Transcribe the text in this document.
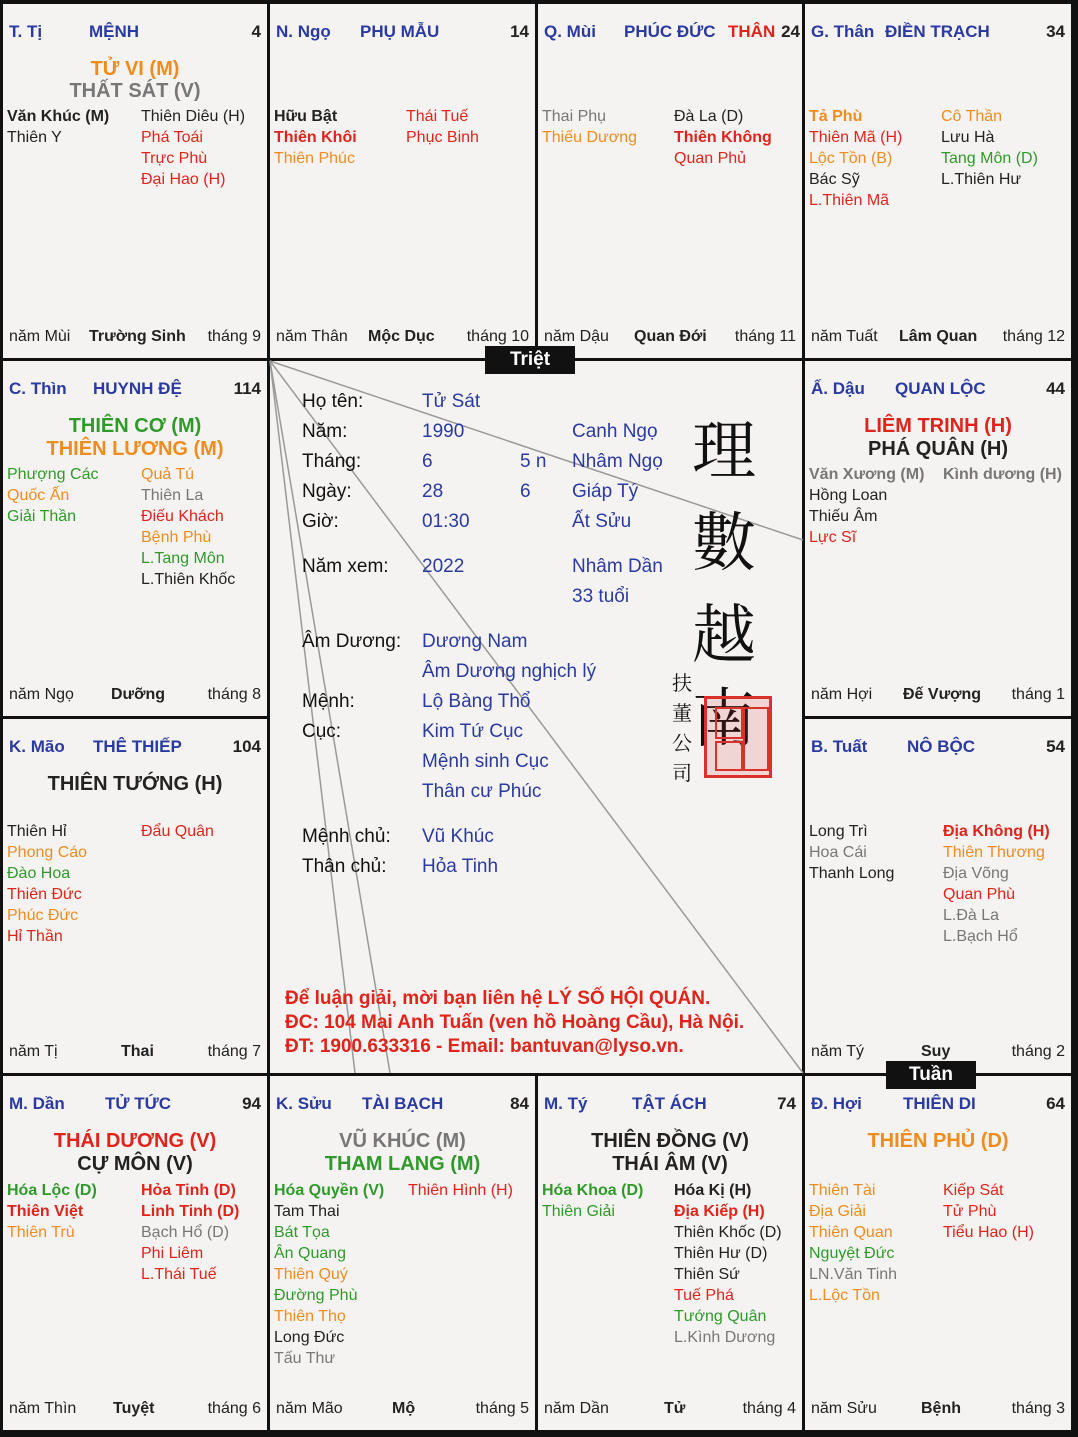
T. Tị	MỆNH	4
TỬ VI (M)
THẤT SÁT (V)
Văn Khúc (M)
Thiên Y
Thiên Diêu (H)
Phá Toái
Trực Phù
Đại Hao (H)
năm Mùi Trường Sinh tháng 9
N. Ngọ PHỤ MẪU	14
Hữu Bật
Thiên Khôi
Thiên Phúc
Thái Tuế
Phục Binh
năm Thân Mộc Dục tháng 10
Q. Mùi PHÚC ĐỨC THÂN 24
Thai Phụ
Thiếu Dương
Đà La (D)
Thiên Không
Quan Phủ
năm Dậu Quan Đới tháng 11
G. Thân ĐIỀN TRẠCH	34
Tả Phù
Thiên Mã (H)
Lộc Tồn (B)
Bác Sỹ
L.Thiên Mã
Cô Thần
Lưu Hà
Tang Môn (D)
L.Thiên Hư
năm Tuất Lâm Quan tháng 12
C. Thìn HUYNH ĐỆ	114
THIÊN CƠ (M)
THIÊN LƯƠNG (M)
Phượng Các
Quốc Ấn
Giải Thần
Quả Tú
Thiên La
Điếu Khách
Bệnh Phù
L.Tang Môn
L.Thiên Khốc
năm Ngọ Dưỡng	tháng 8
Ấ. Dậu QUAN LỘC	44
LIÊM TRINH (H)
PHÁ QUÂN (H)
Văn Xương (M)
Hồng Loan
Thiếu Âm
Lực Sĩ
Kình dương (H)
năm Hợi Đế Vượng tháng 1
K. Mão THÊ THIẾP	104
THIÊN TƯỚNG (H)
Thiên Hỉ
Phong Cáo
Đào Hoa
Thiên Đức
Phúc Đức
Hỉ Thần
Đẩu Quân
năm Tị	Thai	tháng 7
B. Tuất NÔ BỘC	54
Long Trì
Hoa Cái
Thanh Long
Địa Không (H)
Thiên Thương
Địa Võng
Quan Phù
L.Đà La
L.Bạch Hổ
năm Tý	Suy	tháng 2
M. Dần TỬ TỨC	94
THÁI DƯƠNG (V)
CỰ MÔN (V)
Hóa Lộc (D)
Thiên Việt
Thiên Trù
Hỏa Tinh (D)
Linh Tinh (D)
Bạch Hổ (D)
Phi Liêm
L.Thái Tuế
năm Thìn Tuyệt	tháng 6
K. Sửu TÀI BẠCH	84
VŨ KHÚC (M)
THAM LANG (M)
Hóa Quyền (V)
Tam Thai
Bát Tọa
Ân Quang
Thiên Quý
Đường Phù
Thiên Thọ
Long Đức
Tấu Thư
Thiên Hình (H)
năm Mão	Mộ	tháng 5
M. Tý	TẬT ÁCH	74
THIÊN ĐỒNG (V)
THÁI ÂM (V)
Hóa Khoa (D)
Thiên Giải
Hóa Kị (H)
Địa Kiếp (H)
Thiên Khốc (D)
Thiên Hư (D)
Thiên Sứ
Tuế Phá
Tướng Quân
L.Kình Dương
năm Dần	Tử	tháng 4
Đ. Hợi THIÊN DI	64
THIÊN PHỦ (D)
Thiên Tài
Địa Giải
Thiên Quan
Nguyệt Đức
LN.Văn Tinh
L.Lộc Tồn
Kiếp Sát
Tử Phù
Tiểu Hao (H)
năm Sửu	Bệnh	tháng 3
Họ tên:	Tử Sát
Năm:	1990	Canh Ngọ
Tháng:	6	5 n Nhâm Ngọ
Ngày:	28	6 Giáp Tý
Giờ:	01:30	Ất Sửu
Năm xem: 2022	Nhâm Dần
33 tuổi
Âm Dương: Dương Nam
Âm Dương nghịch lý
Mệnh:	Lộ Bàng Thổ
Cục:	Kim Tứ Cục
Mệnh sinh Cục
Thân cư Phúc
Mệnh chủ: Vũ Khúc
Thân chủ: Hỏa Tinh
理
數
越
南
扶董公司
Để luận giải, mời bạn liên hệ LÝ SỐ HỘI QUÁN.
ĐC: 104 Mai Anh Tuấn (ven hồ Hoàng Cầu), Hà Nội.
ĐT: 1900.633316 - Email: bantuvan@lyso.vn.
Triệt
Tuần
